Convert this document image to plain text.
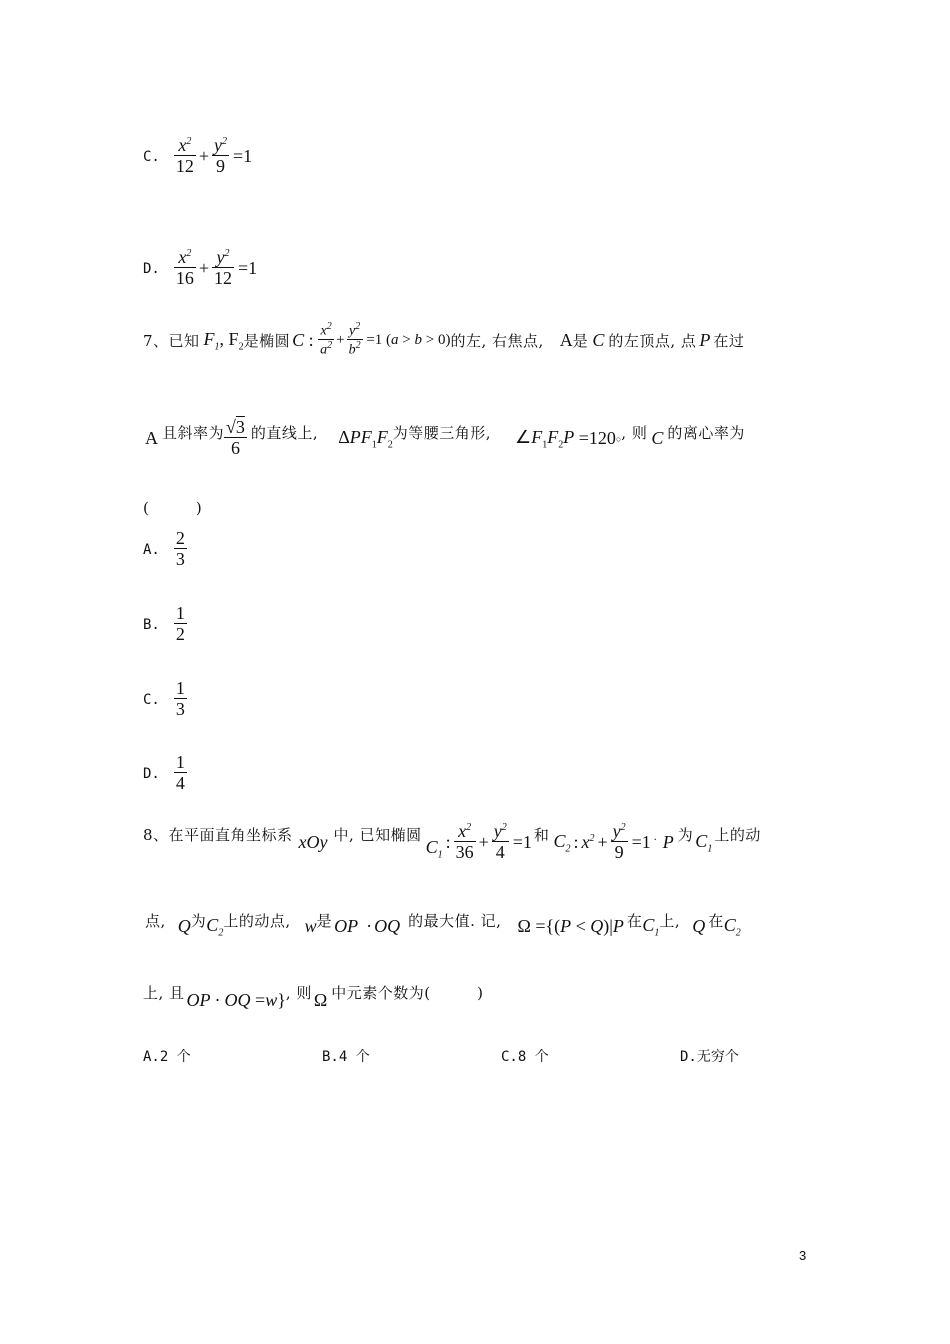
C. $\frac{x^2}{12} + \frac{y^2}{9} =1$
D. $\frac{x^2}{16} + \frac{y^2}{12} =1$
7、已知 $F_1$ , $F_2$ 是椭圆 C : $\frac{x^2}{a^2} + \frac{y^2}{b^2} =1$ (a > b > 0) 的左, 右焦点, A 是 C 的左顶点, 点 P 在过
A 且斜率为 $\frac{√3}{6}$ 的直线上, $\Delta PF_1F_2$
为等腰三角形, $\angle F_1F_2P =120$ ○ , 则 C 的离心率为
(　　　)
A. $\frac{2}{3}$
B. $\frac{1}{2}$
C. $\frac{1}{3}$
D. $\frac{1}{4}$
8、在平面直角坐标系 xOy 中, 已知椭圆
$C_1$
: $\frac{x^2}{36} + \frac{y^2}{4} =1$ 和 $C_2$ : $x^2 + \frac{y^2}{9} =1$ . P 为 $C_1$
上的动
点, Q 为 $C_2$
上的动点, w 是 OP · OQ 的最大值. 记, Ω ={(P < Q)|P 在 $C_1$
上, Q 在 $C_2$
上, 且 OP · OQ =w} , 则 Ω 中元素个数为(　　　)
A.2 个	B.4 个	C.8 个	D.无穷个
3
